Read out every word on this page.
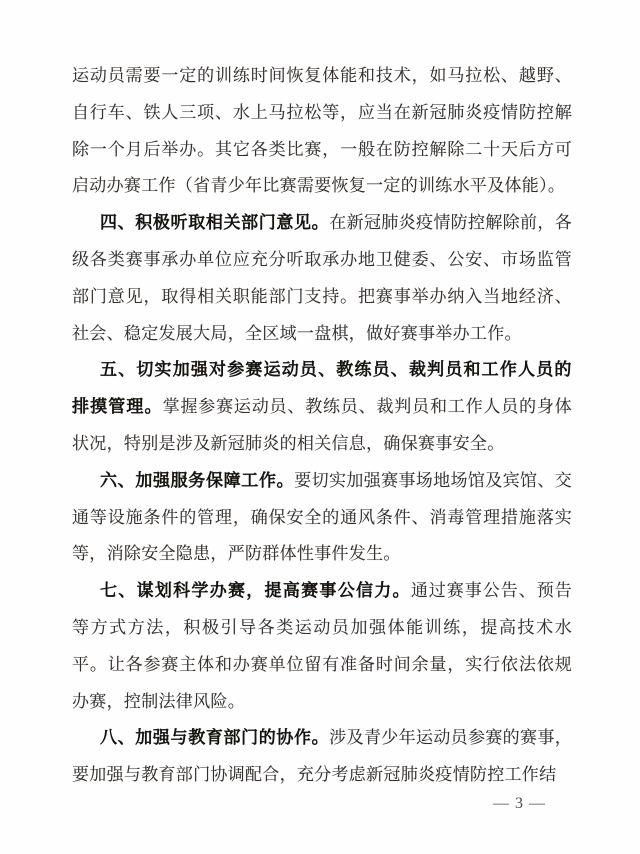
运动员需要一定的训练时间恢复体能和技术，如马拉松、越野、自行车、铁人三项、水上马拉松等，应当在新冠肺炎疫情防控解除一个月后举办。其它各类比赛，一般在防控解除二十天后方可启动办赛工作（省青少年比赛需要恢复一定的训练水平及体能）。

四、积极听取相关部门意见。在新冠肺炎疫情防控解除前，各级各类赛事承办单位应充分听取承办地卫健委、公安、市场监管部门意见，取得相关职能部门支持。把赛事举办纳入当地经济、社会、稳定发展大局，全区域一盘棋，做好赛事举办工作。

五、切实加强对参赛运动员、教练员、裁判员和工作人员的排摸管理。掌握参赛运动员、教练员、裁判员和工作人员的身体状况，特别是涉及新冠肺炎的相关信息，确保赛事安全。

六、加强服务保障工作。要切实加强赛事场地场馆及宾馆、交通等设施条件的管理，确保安全的通风条件、消毒管理措施落实等，消除安全隐患，严防群体性事件发生。

七、谋划科学办赛，提高赛事公信力。通过赛事公告、预告等方式方法，积极引导各类运动员加强体能训练，提高技术水平。让各参赛主体和办赛单位留有准备时间余量，实行依法依规办赛，控制法律风险。

八、加强与教育部门的协作。涉及青少年运动员参赛的赛事，要加强与教育部门协调配合，充分考虑新冠肺炎疫情防控工作结

— 3 —
